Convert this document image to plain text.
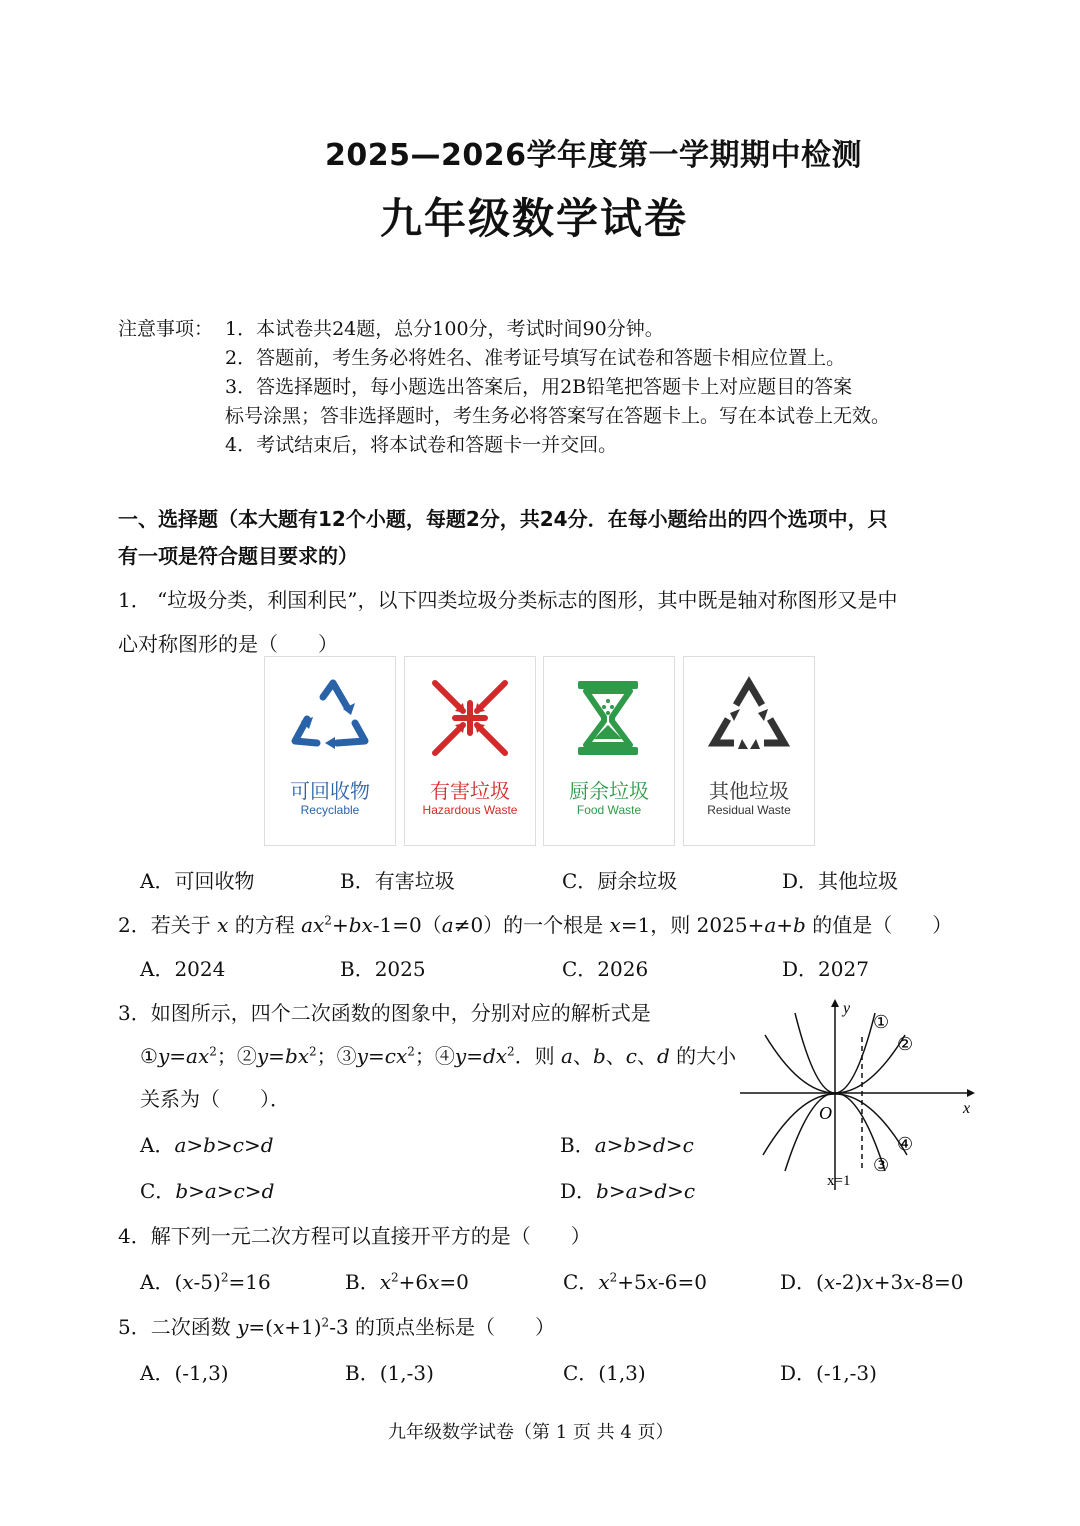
2025—2026学年度第一学期期中检测
九年级数学试卷
注意事项： 1．本试卷共24题，总分100分，考试时间90分钟。
2．答题前，考生务必将姓名、准考证号填写在试卷和答题卡相应位置上。
3．答选择题时，每小题选出答案后，用2B铅笔把答题卡上对应题目的答案
标号涂黑；答非选择题时，考生务必将答案写在答题卡上。写在本试卷上无效。
4．考试结束后，将本试卷和答题卡一并交回。
一、选择题（本大题有12个小题，每题2分，共24分．在每小题给出的四个选项中，只
有一项是符合题目要求的）
1． “垃圾分类，利国利民”，以下四类垃圾分类标志的图形，其中既是轴对称图形又是中
心对称图形的是（　　）
可回收物
Recyclable
有害垃圾
Hazardous Waste
厨余垃圾
Food Waste
其他垃圾
Residual Waste
A．可回收物	B．有害垃圾	C．厨余垃圾	D．其他垃圾
2．若关于 x 的方程 $ax^2+bx-1=0(a\ne 0)$的一个根是 x=1，则 2025+a+b 的值是（　　）
A．2024	B．2025	C．2026	D．2027
3．如图所示，四个二次函数的图象中，分别对应的解析式是
$①y=ax^2$；$②y=bx^2$；$③y=cx^2$；$④y=dx^2$．则 a、b、c、d 的大小
关系为（　　）．
A．a>b>c>d	B．a>b>d>c
C．b>a>c>d	D．b>a>d>c
y
x
O
x=1
①
②
③
④
4．解下列一元二次方程可以直接开平方的是（　　）
A．$(x-5)^2=16$	B．$x^2+6x=0$	C．$x^2+5x-6=0$	D．(x-2)x+3x-8=0
5．二次函数 $y=(x+1)^2-3$ 的顶点坐标是（　　）
A．(-1,3)	B．(1,-3)	C．(1,3)	D．(-1,-3)
九年级数学试卷（第 1 页 共 4 页）
